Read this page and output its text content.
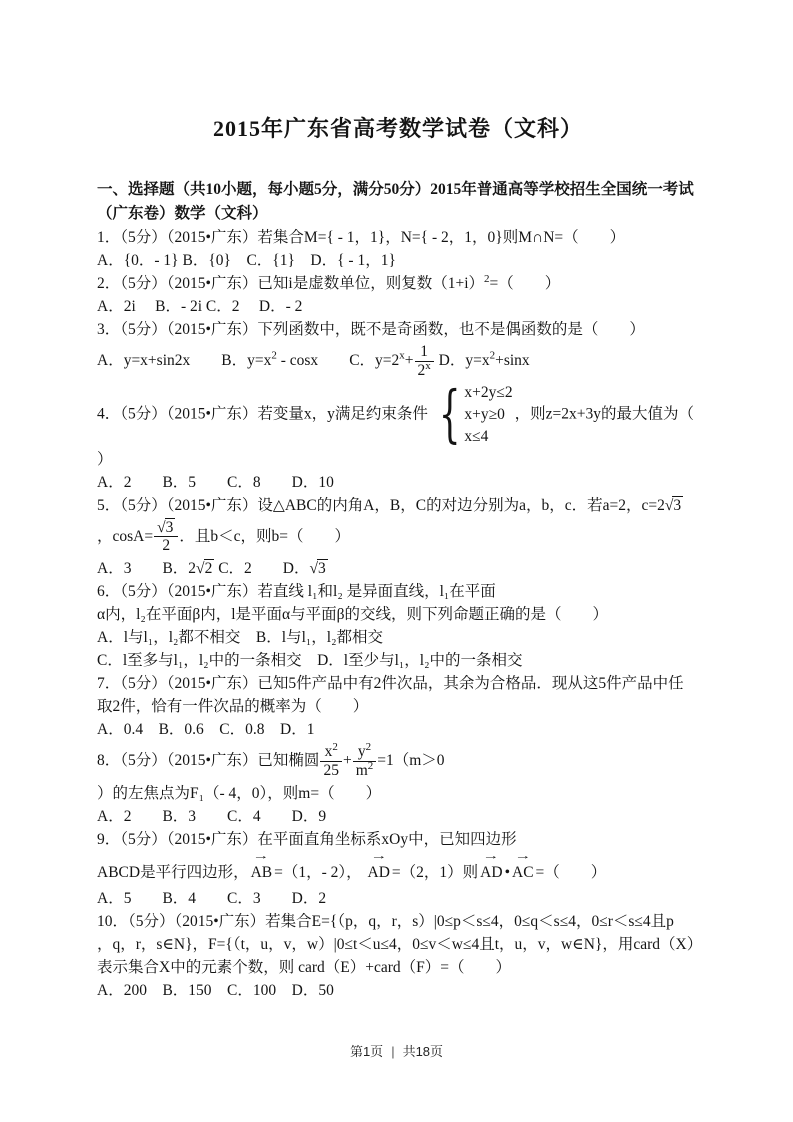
2015年广东省高考数学试卷（文科）

一、选择题（共10小题，每小题5分，满分50分）2015年普通高等学校招生全国统一考试

（广东卷）数学（文科）

1．（5分）（2015•广东）若集合M={ - 1，1}，N={ - 2，1，0}则M∩N=（　　）

A．{0．- 1} B．{0}　C．{1}　D．{ - 1，1}

2．（5分）（2015•广东）已知i是虚数单位，则复数$(1+i)^2=$（　　）

A．2i　 B．- 2i C．2　 D．- 2

3．（5分）（2015•广东）下列函数中，既不是奇函数，也不是偶函数的是（　　）

A．y=x+sin2x　　B．$y=x^2 - \cos x$　　C．$y=2^x+ \frac{1}{2^x}$ D．$y=x^2+\sin x$

4．（5分）（2015•广东）若变量x，y满足约束条件 { x+2y≤2
x+y≥0
x≤4
，则z=2x+3y的最大值为（

）

A．2　　B．5　　C．8　　D．10

5．（5分）（2015•广东）设△ABC的内角A，B，C的对边分别为a，b，c．若a=2，c=2√3

，$\cos A= \frac{√3}{2}$ ．且b＜c，则b=（　　）

A．3　　B．2√2 C．2　　D．√3

6．（5分）（2015•广东）若直线 l₁和l₂ 是异面直线，l₁在平面

α内，l₂在平面β内，l是平面α与平面β的交线，则下列命题正确的是（　　）

A．l与l₁，l₂都不相交　B．l与l₁，l₂都相交

C．l至多与l₁，l₂中的一条相交　D．l至少与l₁，l₂中的一条相交

7．（5分）（2015•广东）已知5件产品中有2件次品，其余为合格品．现从这5件产品中任

取2件，恰有一件次品的概率为（　　）

A．0.4　B．0.6　C．0.8　D．1

8．（5分）（2015•广东）已知椭圆 $\frac{x^2}{25} + \frac{y^2}{m^2} =1(m>0$

）的左焦点为F₁（- 4，0），则m=（　　）

A．2　　B．3　　C．4　　D．9

9．（5分）（2015•广东）在平面直角坐标系xOy中，已知四边形

ABCD是平行四边形，
→
AB =（1，- 2），
→
AD =（2，1）则
→
AD •
→
AC =（　　）

A．5　　B．4　　C．3　　D．2

10．（5分）（2015•广东）若集合E={（p，q，r，s）|0≤p＜s≤4，0≤q＜s≤4，0≤r＜s≤4且p

，q，r，s∈N}，F={（t，u，v，w）|0≤t＜u≤4，0≤v＜w≤4且t，u，v，w∈N}，用card（X）

表示集合X中的元素个数，则 card（E）+card（F）=（　　）

A．200　B．150　C．100　D．50

第1页 | 共18页
